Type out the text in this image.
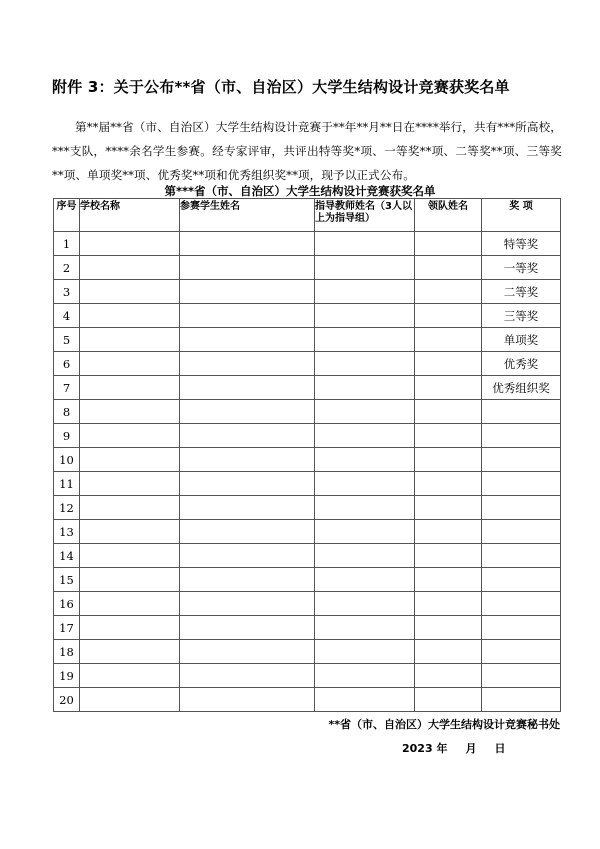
附件 3：关于公布**省（市、自治区）大学生结构设计竞赛获奖名单

第**届**省（市、自治区）大学生结构设计竞赛于**年**月**日在****举行，共有***所高校，***支队，****余名学生参赛。经专家评审，共评出特等奖*项、一等奖**项、二等奖**项、三等奖**项、单项奖**项、优秀奖**项和优秀组织奖**项，现予以正式公布。

第***省（市、自治区）大学生结构设计竞赛获奖名单
序号	学校名称	参赛学生姓名	指导教师姓名（3人以上为指导组）	领队姓名	奖 项
1					特等奖
2					一等奖
3					二等奖
4					三等奖
5					单项奖
6					优秀奖
7					优秀组织奖
8					
9					
10					
11					
12					
13					
14					
15					
16					
17					
18					
19					
20					
**省（市、自治区）大学生结构设计竞赛秘书处
2023 年 月 日
